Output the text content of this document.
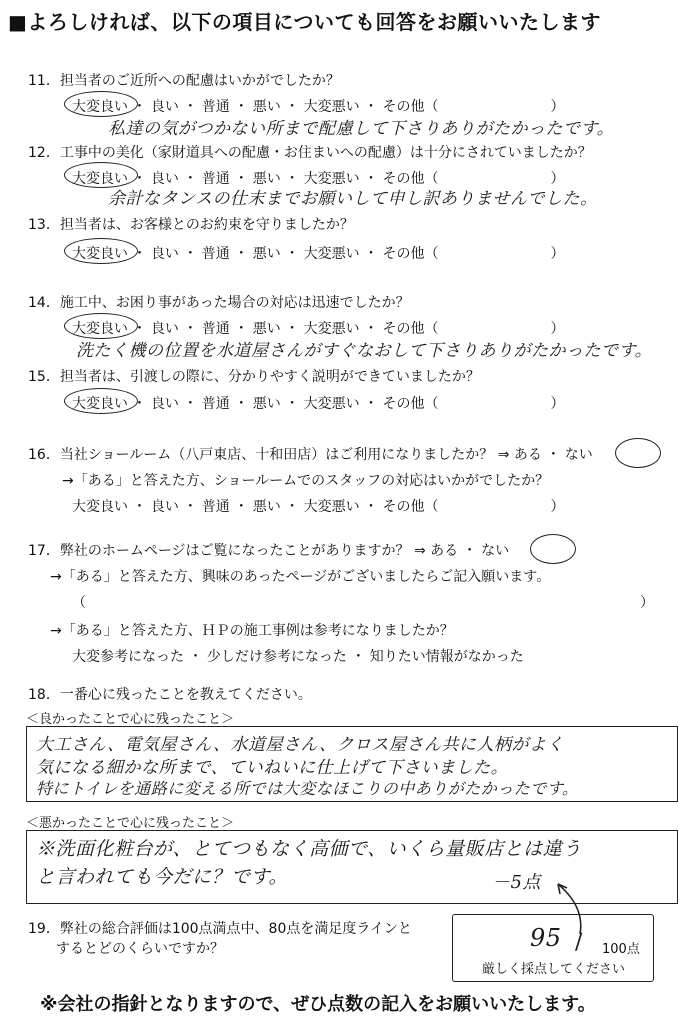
■よろしければ、以下の項目についても回答をお願いいたします
11．担当者のご近所への配慮はいかがでしたか？
大変良い ・ 良い ・ 普通 ・ 悪い ・ 大変悪い ・ その他（　　　　　　　　）
私達の気がつかない所まで配慮して下さりありがたかったです。
12．工事中の美化（家財道具への配慮・お住まいへの配慮）は十分にされていましたか？
大変良い ・ 良い ・ 普通 ・ 悪い ・ 大変悪い ・ その他（　　　　　　　　）
余計なタンスの仕末までお願いして申し訳ありませんでした。
13．担当者は、お客様とのお約束を守りましたか？
大変良い ・ 良い ・ 普通 ・ 悪い ・ 大変悪い ・ その他（　　　　　　　　）
14．施工中、お困り事があった場合の対応は迅速でしたか？
大変良い ・ 良い ・ 普通 ・ 悪い ・ 大変悪い ・ その他（　　　　　　　　）
洗たく機の位置を水道屋さんがすぐなおして下さりありがたかったです。
15．担当者は、引渡しの際に、分かりやすく説明ができていましたか？
大変良い ・ 良い ・ 普通 ・ 悪い ・ 大変悪い ・ その他（　　　　　　　　）
16．当社ショールーム（八戸東店、十和田店）はご利用になりましたか？ ⇒ ある ・ ない
→「ある」と答えた方、ショールームでのスタッフの対応はいかがでしたか？
大変良い ・ 良い ・ 普通 ・ 悪い ・ 大変悪い ・ その他（　　　　　　　　）
17．弊社のホームページはご覧になったことがありますか？ ⇒ ある ・ ない
→「ある」と答えた方、興味のあったページがございましたらご記入願います。
（	）
→「ある」と答えた方、ＨＰの施工事例は参考になりましたか？
大変参考になった ・ 少しだけ参考になった ・ 知りたい情報がなかった
18．一番心に残ったことを教えてください。
＜良かったことで心に残ったこと＞
大工さん、電気屋さん、水道屋さん、クロス屋さん共に人柄がよく
気になる細かな所まで、ていねいに仕上げて下さいました。
特にトイレを通路に変える所では大変なほこりの中ありがたかったです。
＜悪かったことで心に残ったこと＞
※洗面化粧台が、とてつもなく高価で、いくら量販店とは違う
と言われても今だに？です。	－5点
19．弊社の総合評価は100点満点中、80点を満足度ラインと
するとどのくらいですか？	95 / 100点
厳しく採点してください
※会社の指針となりますので、ぜひ点数の記入をお願いいたします。
